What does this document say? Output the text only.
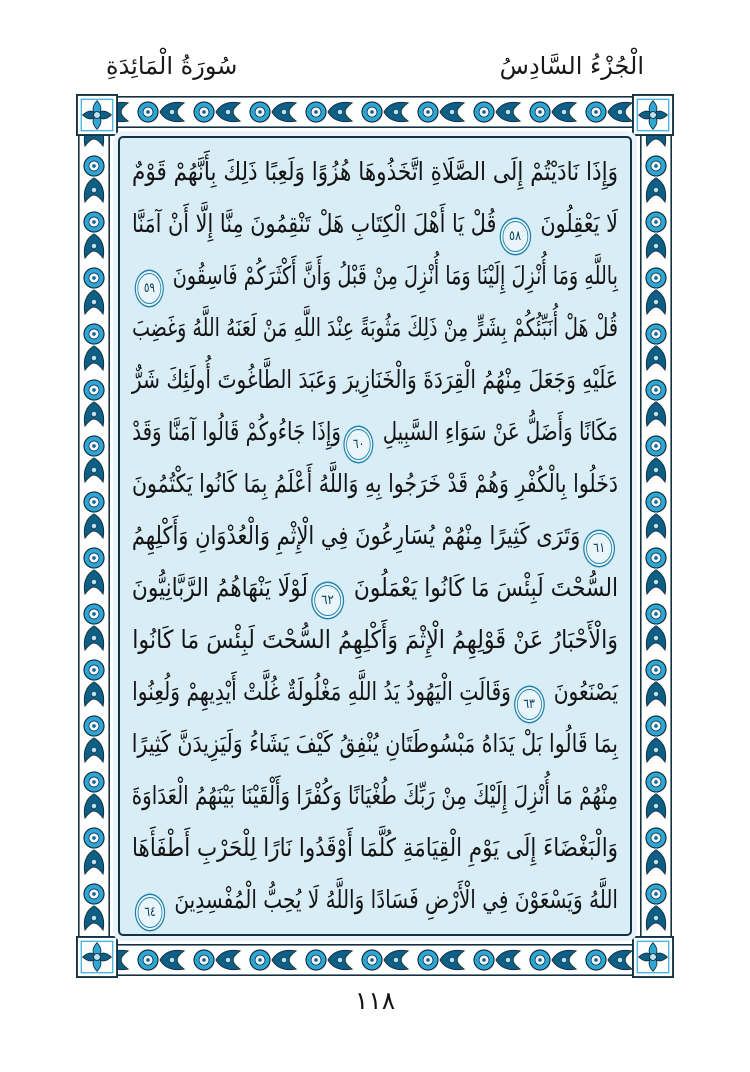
الْجُزْءُ السَّادِسُ
سُورَةُ الْمَائِدَةِ
وَإِذَا نَادَيْتُمْ إِلَى الصَّلَاةِ اتَّخَذُوهَا هُزُوًا وَلَعِبًا ذَلِكَ بِأَنَّهُمْ قَوْمٌ
لَا يَعْقِلُونَ ٥٨قُلْ يَا أَهْلَ الْكِتَابِ هَلْ تَنْقِمُونَ مِنَّا إِلَّا أَنْ آمَنَّا
بِاللَّهِ وَمَا أُنْزِلَ إِلَيْنَا وَمَا أُنْزِلَ مِنْ قَبْلُ وَأَنَّ أَكْثَرَكُمْ فَاسِقُونَ ٥٩
قُلْ هَلْ أُنَبِّئُكُمْ بِشَرٍّ مِنْ ذَلِكَ مَثُوبَةً عِنْدَ اللَّهِ مَنْ لَعَنَهُ اللَّهُ وَغَضِبَ
عَلَيْهِ وَجَعَلَ مِنْهُمُ الْقِرَدَةَ وَالْخَنَازِيرَ وَعَبَدَ الطَّاغُوتَ أُولَئِكَ شَرٌّ
مَكَانًا وَأَضَلُّ عَنْ سَوَاءِ السَّبِيلِ ٦٠وَإِذَا جَاءُوكُمْ قَالُوا آمَنَّا وَقَدْ
دَخَلُوا بِالْكُفْرِ وَهُمْ قَدْ خَرَجُوا بِهِ وَاللَّهُ أَعْلَمُ بِمَا كَانُوا يَكْتُمُونَ
٦١وَتَرَى كَثِيرًا مِنْهُمْ يُسَارِعُونَ فِي الْإِثْمِ وَالْعُدْوَانِ وَأَكْلِهِمُ
السُّحْتَ لَبِئْسَ مَا كَانُوا يَعْمَلُونَ ٦٢لَوْلَا يَنْهَاهُمُ الرَّبَّانِيُّونَ
وَالْأَحْبَارُ عَنْ قَوْلِهِمُ الْإِثْمَ وَأَكْلِهِمُ السُّحْتَ لَبِئْسَ مَا كَانُوا
يَصْنَعُونَ ٦٣وَقَالَتِ الْيَهُودُ يَدُ اللَّهِ مَغْلُولَةٌ غُلَّتْ أَيْدِيهِمْ وَلُعِنُوا
بِمَا قَالُوا بَلْ يَدَاهُ مَبْسُوطَتَانِ يُنْفِقُ كَيْفَ يَشَاءُ وَلَيَزِيدَنَّ كَثِيرًا
مِنْهُمْ مَا أُنْزِلَ إِلَيْكَ مِنْ رَبِّكَ طُغْيَانًا وَكُفْرًا وَأَلْقَيْنَا بَيْنَهُمُ الْعَدَاوَةَ
وَالْبَغْضَاءَ إِلَى يَوْمِ الْقِيَامَةِ كُلَّمَا أَوْقَدُوا نَارًا لِلْحَرْبِ أَطْفَأَهَا
اللَّهُ وَيَسْعَوْنَ فِي الْأَرْضِ فَسَادًا وَاللَّهُ لَا يُحِبُّ الْمُفْسِدِينَ ٦٤
١١٨
